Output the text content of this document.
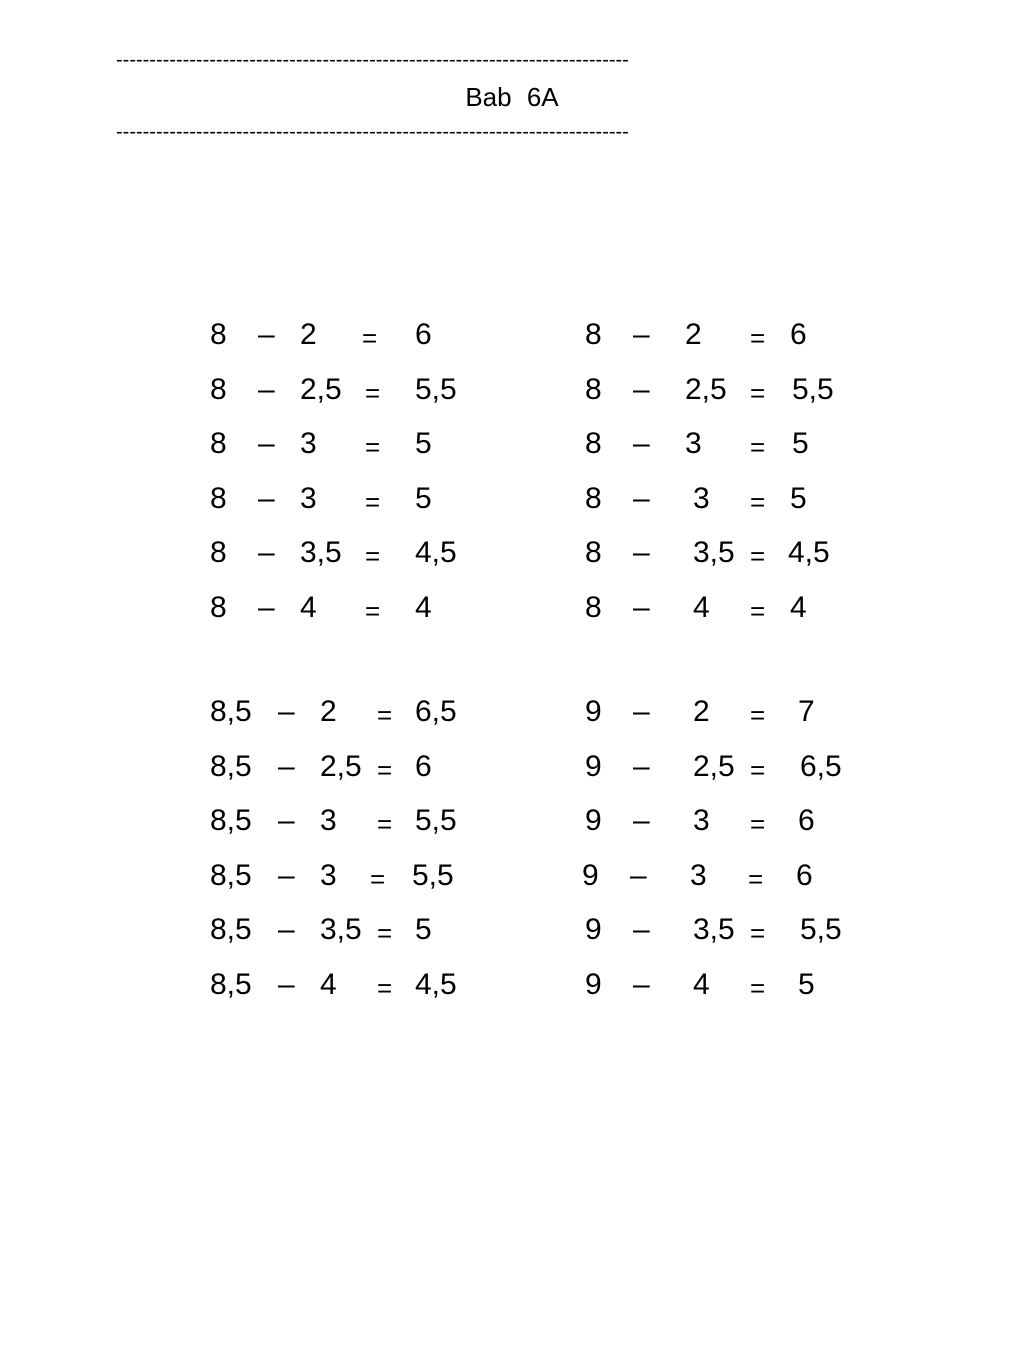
-----------------------------------------------------------------------------
Bab 6A
-----------------------------------------------------------------------------
8 – 2 = 6
8 – 2,5 = 5,5
8 – 3 = 5
8 – 3 = 5
8 – 3,5 = 4,5
8 – 4 = 4
8 – 2 = 6
8 – 2,5 = 5,5
8 – 3 = 5
8 – 3 = 5
8 – 3,5 = 4,5
8 – 4 = 4
8,5 – 2 = 6,5
8,5 – 2,5 = 6
8,5 – 3 = 5,5
8,5 – 3 = 5,5
8,5 – 3,5 = 5
8,5 – 4 = 4,5
9 – 2 = 7
9 – 2,5 = 6,5
9 – 3 = 6
9 – 3 = 6
9 – 3,5 = 5,5
9 – 4 = 5
